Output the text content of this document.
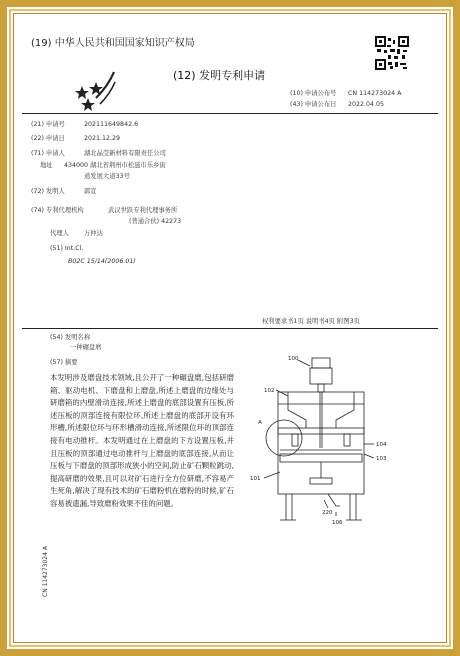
(19) 中华人民共和国国家知识产权局
(12) 发明专利申请
(10) 申请公布号 CN 114273024 A
(43) 申请公布日 2022.04.05
(21) 申请号	202111649842.6
(22) 申请日	2021.12.29
(71) 申请人	湖北晶莹新材料有限责任公司
地址 434000 湖北省荆州市松滋市乐乡街
道发展大道33号
(72) 发明人	郭宣
(74) 专利代理机构	武汉世跃专利代理事务所
(普通合伙) 42273
代理人 万仲达
(51) Int.Cl.
B02C 15/14(2006.01)
权利要求书1页 说明书4页 附图3页
(54) 发明名称
一种碾盘磨
(57) 摘要
本发明涉及磨盘技术领域,且公开了一种碾盘磨,包括研磨箱、驱动电机、下磨盘和上磨盘,所述上磨盘的边缘处与研磨箱的内壁滑动连接,所述上磨盘的底部设置有压板,所述压板的顶部连接有限位环,所述上磨盘的底部开设有环形槽,所述限位环与环形槽滑动连接,所述限位环的顶部连接有电动推杆。本发明通过在上磨盘的下方设置压板,并且压板的顶部通过电动推杆与上磨盘的底部连接,从而让压板与下磨盘的顶部形成狭小的空间,防止矿石颗粒跳动,提高研磨的效果,且可以对矿石进行全方位研磨,不容易产生死角,解决了现有技术的矿石磨粉机在磨粉的时候,矿石容易被遗漏,导致磨粉效果不佳的问题。
CN 114273024 A
100
102
104
103
101
220
106
A
